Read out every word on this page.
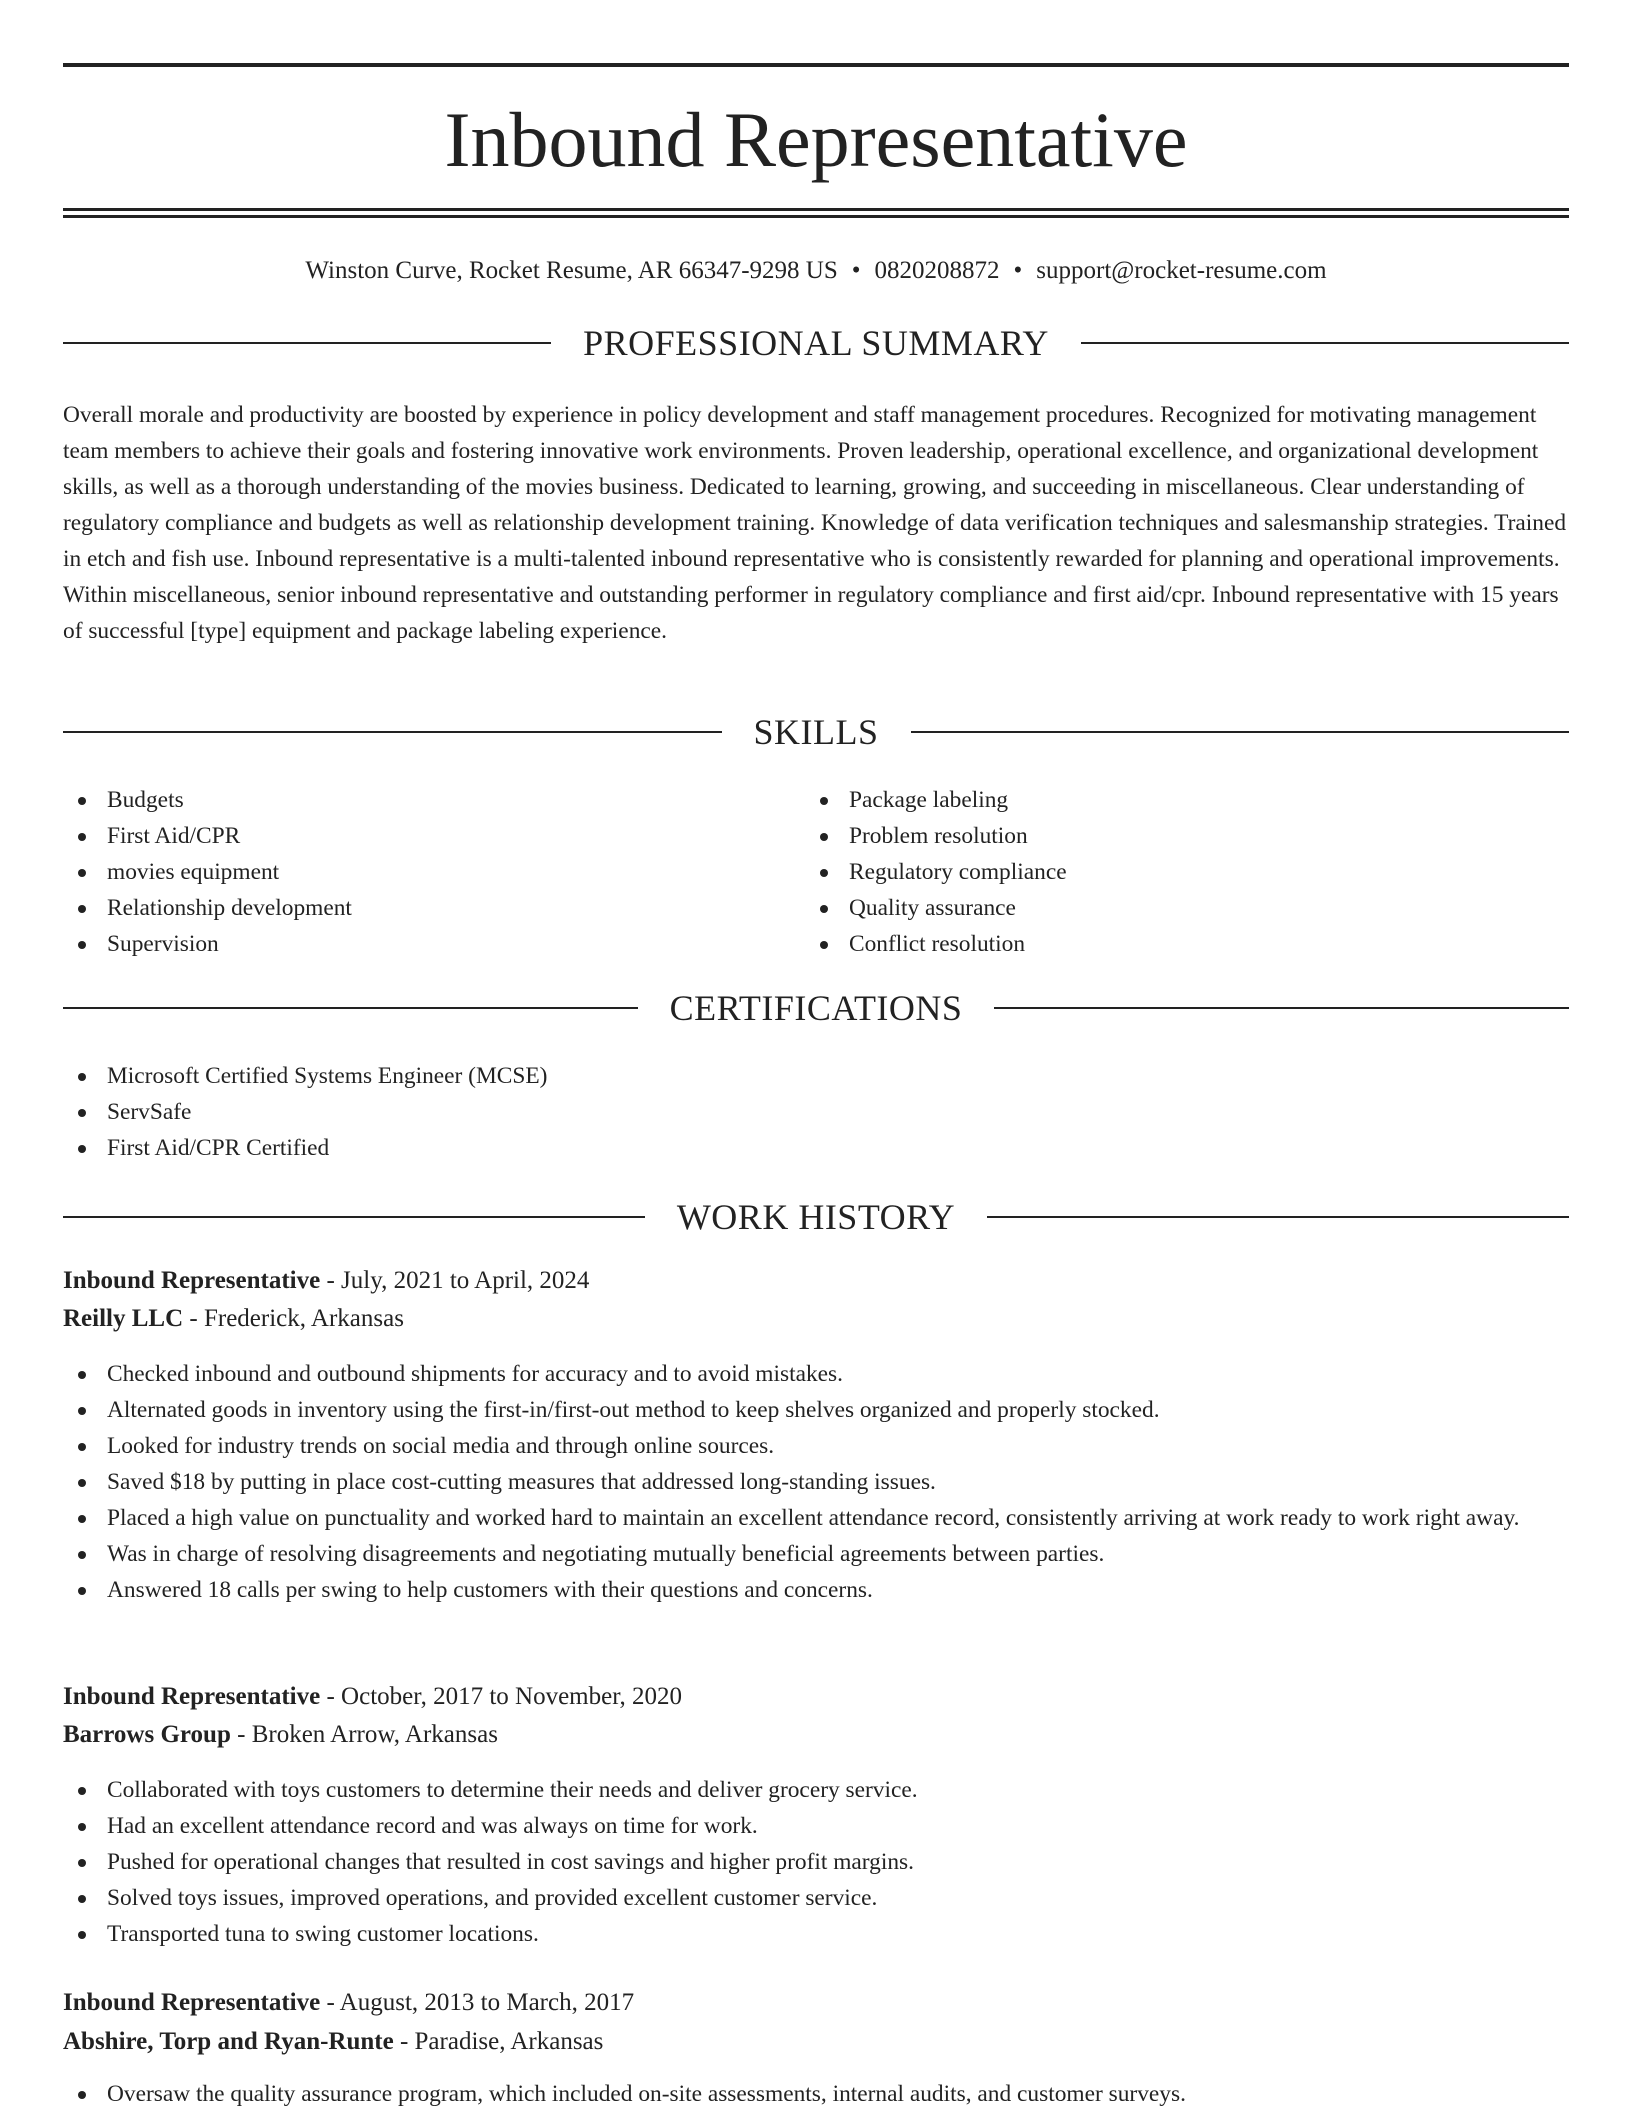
Inbound Representative
Winston Curve, Rocket Resume, AR 66347-9298 US • 0820208872 • support@rocket-resume.com
PROFESSIONAL SUMMARY

Overall morale and productivity are boosted by experience in policy development and staff management procedures. Recognized for motivating management team members to achieve their goals and fostering innovative work environments. Proven leadership, operational excellence, and organizational development skills, as well as a thorough understanding of the movies business. Dedicated to learning, growing, and succeeding in miscellaneous. Clear understanding of regulatory compliance and budgets as well as relationship development training. Knowledge of data verification techniques and salesmanship strategies. Trained in etch and fish use. Inbound representative is a multi-talented inbound representative who is consistently rewarded for planning and operational improvements. Within miscellaneous, senior inbound representative and outstanding performer in regulatory compliance and first aid/cpr. Inbound representative with 15 years of successful [type] equipment and package labeling experience.

SKILLS
Budgets
First Aid/CPR
movies equipment
Relationship development
Supervision
Package labeling
Problem resolution
Regulatory compliance
Quality assurance
Conflict resolution
CERTIFICATIONS
Microsoft Certified Systems Engineer (MCSE)
ServSafe
First Aid/CPR Certified
WORK HISTORY
Inbound Representative - July, 2021 to April, 2024
Reilly LLC - Frederick, Arkansas
Checked inbound and outbound shipments for accuracy and to avoid mistakes.
Alternated goods in inventory using the first-in/first-out method to keep shelves organized and properly stocked.
Looked for industry trends on social media and through online sources.
Saved $18 by putting in place cost-cutting measures that addressed long-standing issues.
Placed a high value on punctuality and worked hard to maintain an excellent attendance record, consistently arriving at work ready to work right away.
Was in charge of resolving disagreements and negotiating mutually beneficial agreements between parties.
Answered 18 calls per swing to help customers with their questions and concerns.
Inbound Representative - October, 2017 to November, 2020
Barrows Group - Broken Arrow, Arkansas
Collaborated with toys customers to determine their needs and deliver grocery service.
Had an excellent attendance record and was always on time for work.
Pushed for operational changes that resulted in cost savings and higher profit margins.
Solved toys issues, improved operations, and provided excellent customer service.
Transported tuna to swing customer locations.
Inbound Representative - August, 2013 to March, 2017
Abshire, Torp and Ryan-Runte - Paradise, Arkansas
Oversaw the quality assurance program, which included on-site assessments, internal audits, and customer surveys.
